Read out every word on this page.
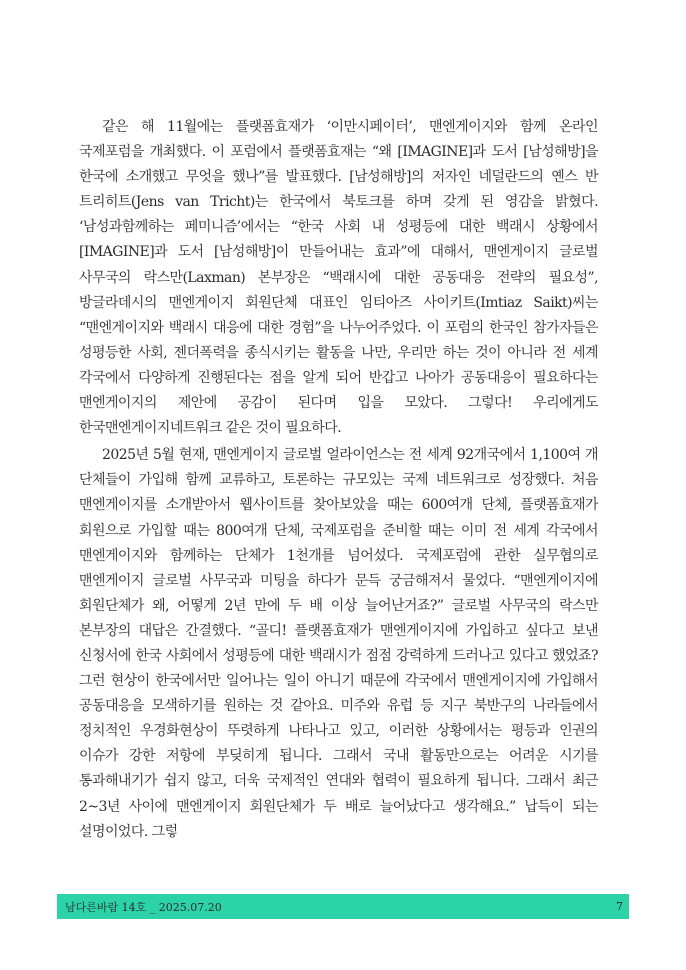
같은 해 11월에는 플랫폼효재가 ‘이만시페이터’, 맨엔게이지와 함께 온라인 국제포럼을 개최했다. 이 포럼에서 플랫폼효재는 “왜 [IMAGINE]과 도서 [남성해방]을 한국에 소개했고 무엇을 했나”를 발표했다. [남성해방]의 저자인 네덜란드의 옌스 반 트리히트(Jens van Tricht)는 한국에서 북토크를 하며 갖게 된 영감을 밝혔다. ‘남성과함께하는 페미니즘’에서는 “한국 사회 내 성평등에 대한 백래시 상황에서 [IMAGINE]과 도서 [남성해방]이 만들어내는 효과”에 대해서, 맨엔게이지 글로벌 사무국의 락스만(Laxman) 본부장은 “백래시에 대한 공동대응 전략의 필요성”, 방글라데시의 맨엔게이지 회원단체 대표인 임티아즈 사이키트(Imtiaz Saikt)씨는 “맨엔게이지와 백래시 대응에 대한 경험”을 나누어주었다. 이 포럼의 한국인 참가자들은 성평등한 사회, 젠더폭력을 종식시키는 활동을 나만, 우리만 하는 것이 아니라 전 세계 각국에서 다양하게 진행된다는 점을 알게 되어 반갑고 나아가 공동대응이 필요하다는 맨엔게이지의 제안에 공감이 된다며 입을 모았다. 그렇다! 우리에게도 한국맨엔게이지네트워크 같은 것이 필요하다.

2025년 5월 현재, 맨엔게이지 글로벌 얼라이언스는 전 세계 92개국에서 1,100여 개 단체들이 가입해 함께 교류하고, 토론하는 규모있는 국제 네트워크로 성장했다. 처음 맨엔게이지를 소개받아서 웹사이트를 찾아보았을 때는 600여개 단체, 플랫폼효재가 회원으로 가입할 때는 800여개 단체, 국제포럼을 준비할 때는 이미 전 세계 각국에서 맨엔게이지와 함께하는 단체가 1천개를 넘어섰다. 국제포럼에 관한 실무협의로 맨엔게이지 글로벌 사무국과 미팅을 하다가 문득 궁금해져서 물었다. “맨엔게이지에 회원단체가 왜, 어떻게 2년 만에 두 배 이상 늘어난거죠?” 글로벌 사무국의 락스만 본부장의 대답은 간결했다. “골디! 플랫폼효재가 맨엔게이지에 가입하고 싶다고 보낸 신청서에 한국 사회에서 성평등에 대한 백래시가 점점 강력하게 드러나고 있다고 했었죠? 그런 현상이 한국에서만 일어나는 일이 아니기 때문에 각국에서 맨엔게이지에 가입해서 공동대응을 모색하기를 원하는 것 같아요. 미주와 유럽 등 지구 북반구의 나라들에서 정치적인 우경화현상이 뚜렷하게 나타나고 있고, 이러한 상황에서는 평등과 인권의 이슈가 강한 저항에 부딪히게 됩니다. 그래서 국내 활동만으로는 어려운 시기를 통과해내기가 쉽지 않고, 더욱 국제적인 연대와 협력이 필요하게 됩니다. 그래서 최근 2~3년 사이에 맨엔게이지 회원단체가 두 배로 늘어났다고 생각해요.” 납득이 되는 설명이었다. 그렇

남다른바람 14호 _ 2025.07.20	7
